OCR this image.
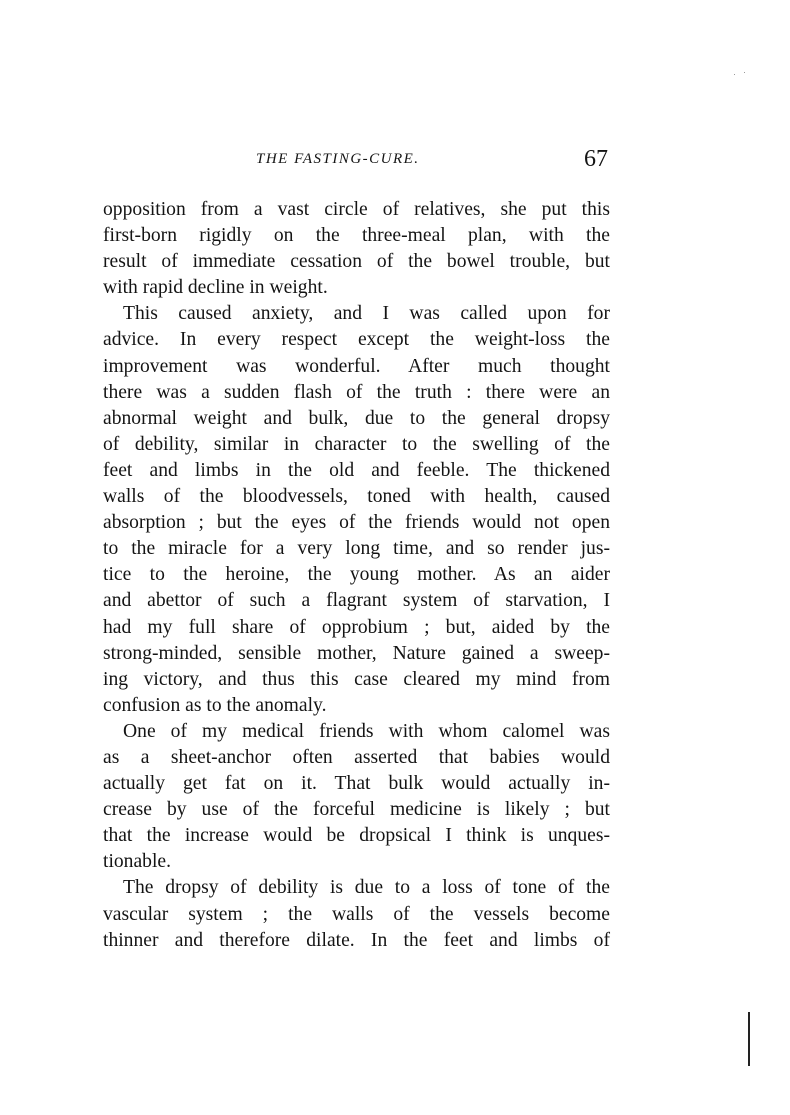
THE FASTING-CURE.	67
opposition from a vast circle of relatives, she put this
first-born rigidly on the three-meal plan, with the
result of immediate cessation of the bowel trouble, but
with rapid decline in weight.
This caused anxiety, and I was called upon for
advice. In every respect except the weight-loss the
improvement was wonderful. After much thought
there was a sudden flash of the truth : there were an
abnormal weight and bulk, due to the general dropsy
of debility, similar in character to the swelling of the
feet and limbs in the old and feeble. The thickened
walls of the bloodvessels, toned with health, caused
absorption ; but the eyes of the friends would not open
to the miracle for a very long time, and so render jus-
tice to the heroine, the young mother. As an aider
and abettor of such a flagrant system of starvation, I
had my full share of opprobium ; but, aided by the
strong-minded, sensible mother, Nature gained a sweep-
ing victory, and thus this case cleared my mind from
confusion as to the anomaly.
One of my medical friends with whom calomel was
as a sheet-anchor often asserted that babies would
actually get fat on it. That bulk would actually in-
crease by use of the forceful medicine is likely ; but
that the increase would be dropsical I think is unques-
tionable.
The dropsy of debility is due to a loss of tone of the
vascular system ; the walls of the vessels become
thinner and therefore dilate. In the feet and limbs of
